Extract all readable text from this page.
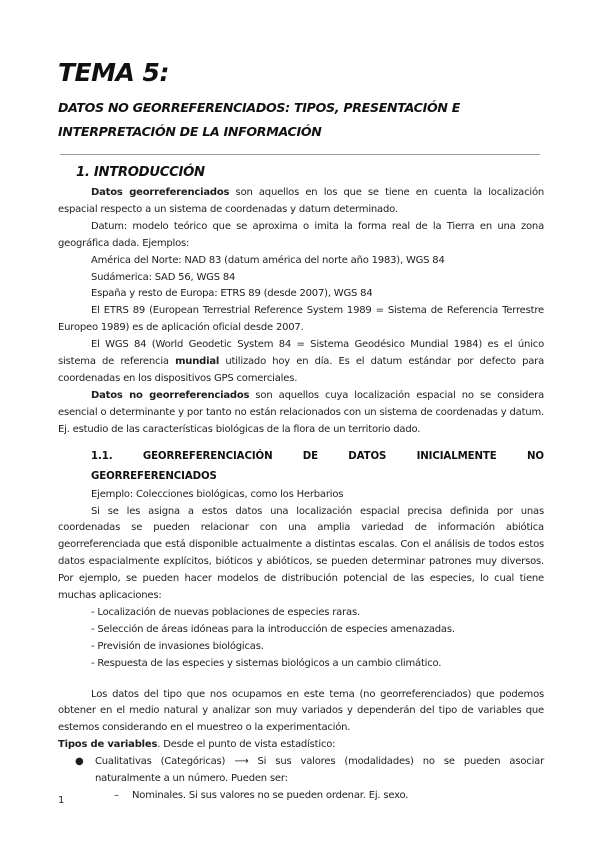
TEMA 5:
DATOS NO GEORREFERENCIADOS: TIPOS, PRESENTACIÓN E INTERPRETACIÓN DE LA INFORMACIÓN
1. INTRODUCCIÓN

Datos georreferenciados son aquellos en los que se tiene en cuenta la localización espacial respecto a un sistema de coordenadas y datum determinado.

Datum: modelo teórico que se aproxima o imita la forma real de la Tierra en una zona geográfica dada. Ejemplos:

América del Norte: NAD 83 (datum américa del norte año 1983), WGS 84

Sudámerica: SAD 56, WGS 84

España y resto de Europa: ETRS 89 (desde 2007), WGS 84

El ETRS 89 (European Terrestrial Reference System 1989 = Sistema de Referencia Terrestre Europeo 1989) es de aplicación oficial desde 2007.

El WGS 84 (World Geodetic System 84 = Sistema Geodésico Mundial 1984) es el único sistema de referencia mundial utilizado hoy en día. Es el datum estándar por defecto para coordenadas en los dispositivos GPS comerciales.

Datos no georreferenciados son aquellos cuya localización espacial no se considera esencial o determinante y por tanto no están relacionados con un sistema de coordenadas y datum. Ej. estudio de las características biológicas de la flora de un territorio dado.

1.1.	GEORREFERENCIACIÓN	DE	DATOS	INICIALMENTE	NO
GEORREFERENCIADOS

Ejemplo: Colecciones biológicas, como los Herbarios

Si se les asigna a estos datos una localización espacial precisa definida por unas coordenadas se pueden relacionar con una amplia variedad de información abiótica georreferenciada que está disponible actualmente a distintas escalas. Con el análisis de todos estos datos espacialmente explícitos, bióticos y abióticos, se pueden determinar patrones muy diversos. Por ejemplo, se pueden hacer modelos de distribución potencial de las especies, lo cual tiene muchas aplicaciones:

- Localización de nuevas poblaciones de especies raras.

- Selección de áreas idóneas para la introducción de especies amenazadas.

- Previsión de invasiones biológicas.

- Respuesta de las especies y sistemas biológicos a un cambio climático.

Los datos del tipo que nos ocupamos en este tema (no georreferenciados) que podemos obtener en el medio natural y analizar son muy variados y dependerán del tipo de variables que estemos considerando en el muestreo o la experimentación.

Tipos de variables. Desde el punto de vista estadístico:

●	Cualitativas (Categóricas) ⟶ Si sus valores (modalidades) no se pueden asociar naturalmente a un número. Pueden ser:
–	Nominales. Si sus valores no se pueden ordenar. Ej. sexo.
1
